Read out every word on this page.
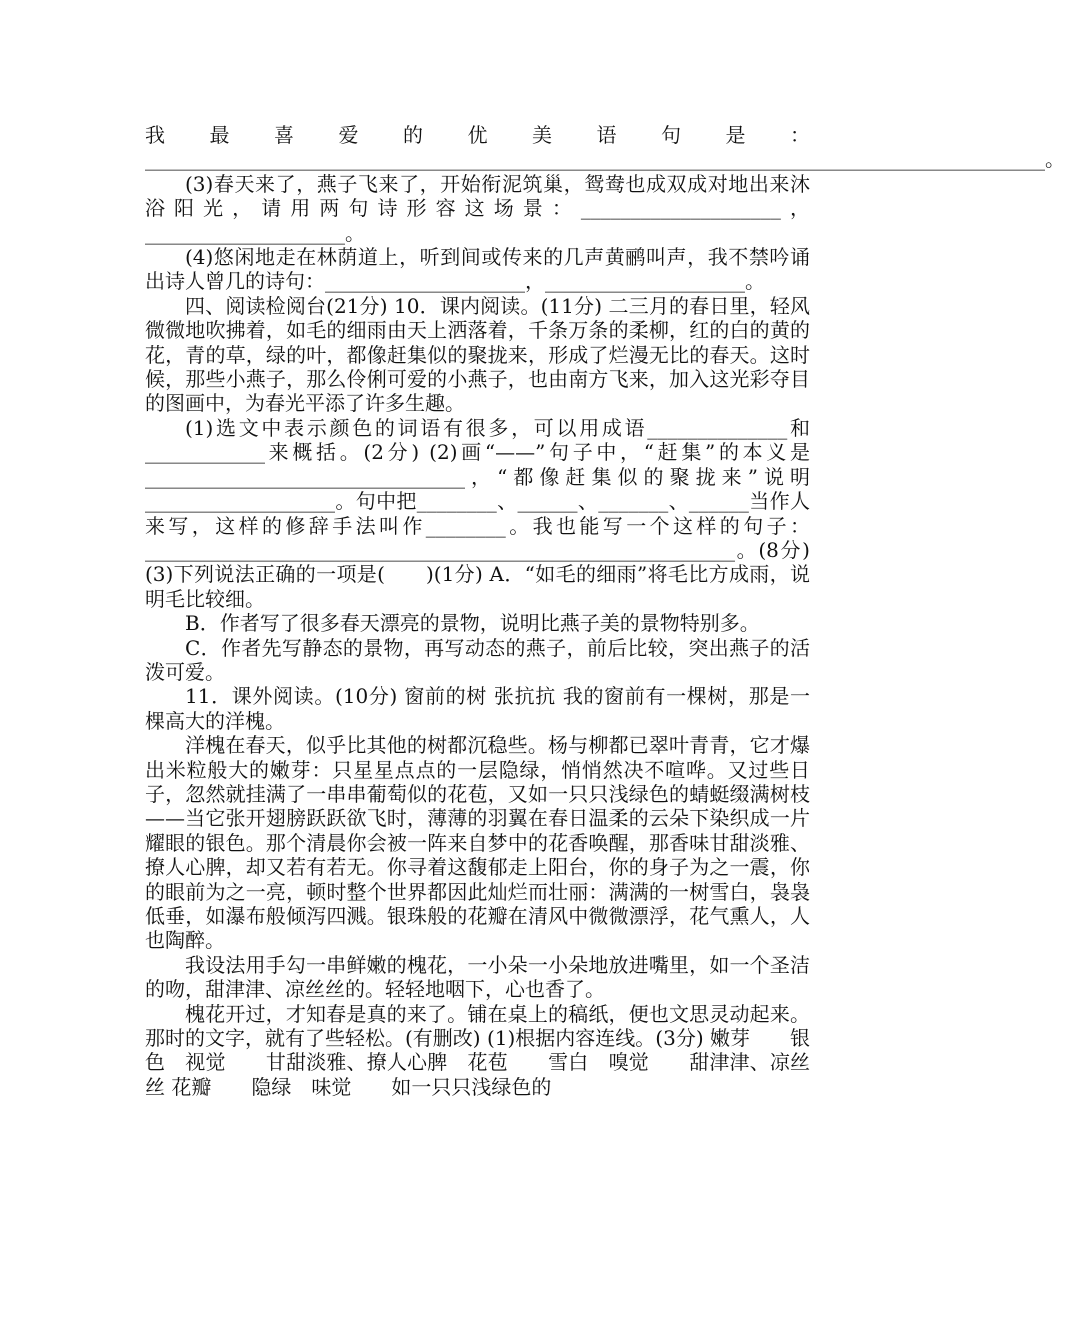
我最喜爱的优美语句是：__________________________________________________________________________________________。

(3)春天来了，燕子飞来了，开始衔泥筑巢，鸳鸯也成双成对地出来沐浴阳光，请用两句诗形容这场景：____________________，____________________。

(4)悠闲地走在林荫道上，听到间或传来的几声黄鹂叫声，我不禁吟诵出诗人曾几的诗句：____________________，____________________。

四、阅读检阅台(21分) 10．课内阅读。(11分) 二三月的春日里，轻风微微地吹拂着，如毛的细雨由天上洒落着，千条万条的柔柳，红的白的黄的花，青的草，绿的叶，都像赶集似的聚拢来，形成了烂漫无比的春天。这时候，那些小燕子，那么伶俐可爱的小燕子，也由南方飞来，加入这光彩夺目的图画中，为春光平添了许多生趣。

(1)选文中表示颜色的词语有很多，可以用成语______________和____________来概括。(2分) (2)画“——”句子中，“赶集”的本义是________________________________，“都像赶集似的聚拢来”说明___________________。句中把________、______、_______、______当作人来写，这样的修辞手法叫作________。我也能写一个这样的句子：___________________________________________________________。(8分) (3)下列说法正确的一项是(　　)(1分) A．“如毛的细雨”将毛比方成雨，说明毛比较细。

B．作者写了很多春天漂亮的景物，说明比燕子美的景物特别多。

C．作者先写静态的景物，再写动态的燕子，前后比较，突出燕子的活泼可爱。

11．课外阅读。(10分) 窗前的树 张抗抗 我的窗前有一棵树，那是一棵高大的洋槐。

洋槐在春天，似乎比其他的树都沉稳些。杨与柳都已翠叶青青，它才爆出米粒般大的嫩芽：只星星点点的一层隐绿，悄悄然决不喧哗。又过些日子，忽然就挂满了一串串葡萄似的花苞，又如一只只浅绿色的蜻蜓缀满树枝——当它张开翅膀跃跃欲飞时，薄薄的羽翼在春日温柔的云朵下染织成一片耀眼的银色。那个清晨你会被一阵来自梦中的花香唤醒，那香味甘甜淡雅、撩人心脾，却又若有若无。你寻着这馥郁走上阳台，你的身子为之一震，你的眼前为之一亮，顿时整个世界都因此灿烂而壮丽：满满的一树雪白，袅袅低垂，如瀑布般倾泻四溅。银珠般的花瓣在清风中微微漂浮，花气熏人，人也陶醉。

我设法用手勾一串鲜嫩的槐花，一小朵一小朵地放进嘴里，如一个圣洁的吻，甜津津、凉丝丝的。轻轻地咽下，心也香了。

槐花开过，才知春是真的来了。铺在桌上的稿纸，便也文思灵动起来。那时的文字，就有了些轻松。(有删改) (1)根据内容连线。(3分) 嫩芽　　银色　视觉　　甘甜淡雅、撩人心脾　花苞　　雪白　嗅觉　　甜津津、凉丝丝 花瓣　　隐绿　味觉　　如一只只浅绿色的
